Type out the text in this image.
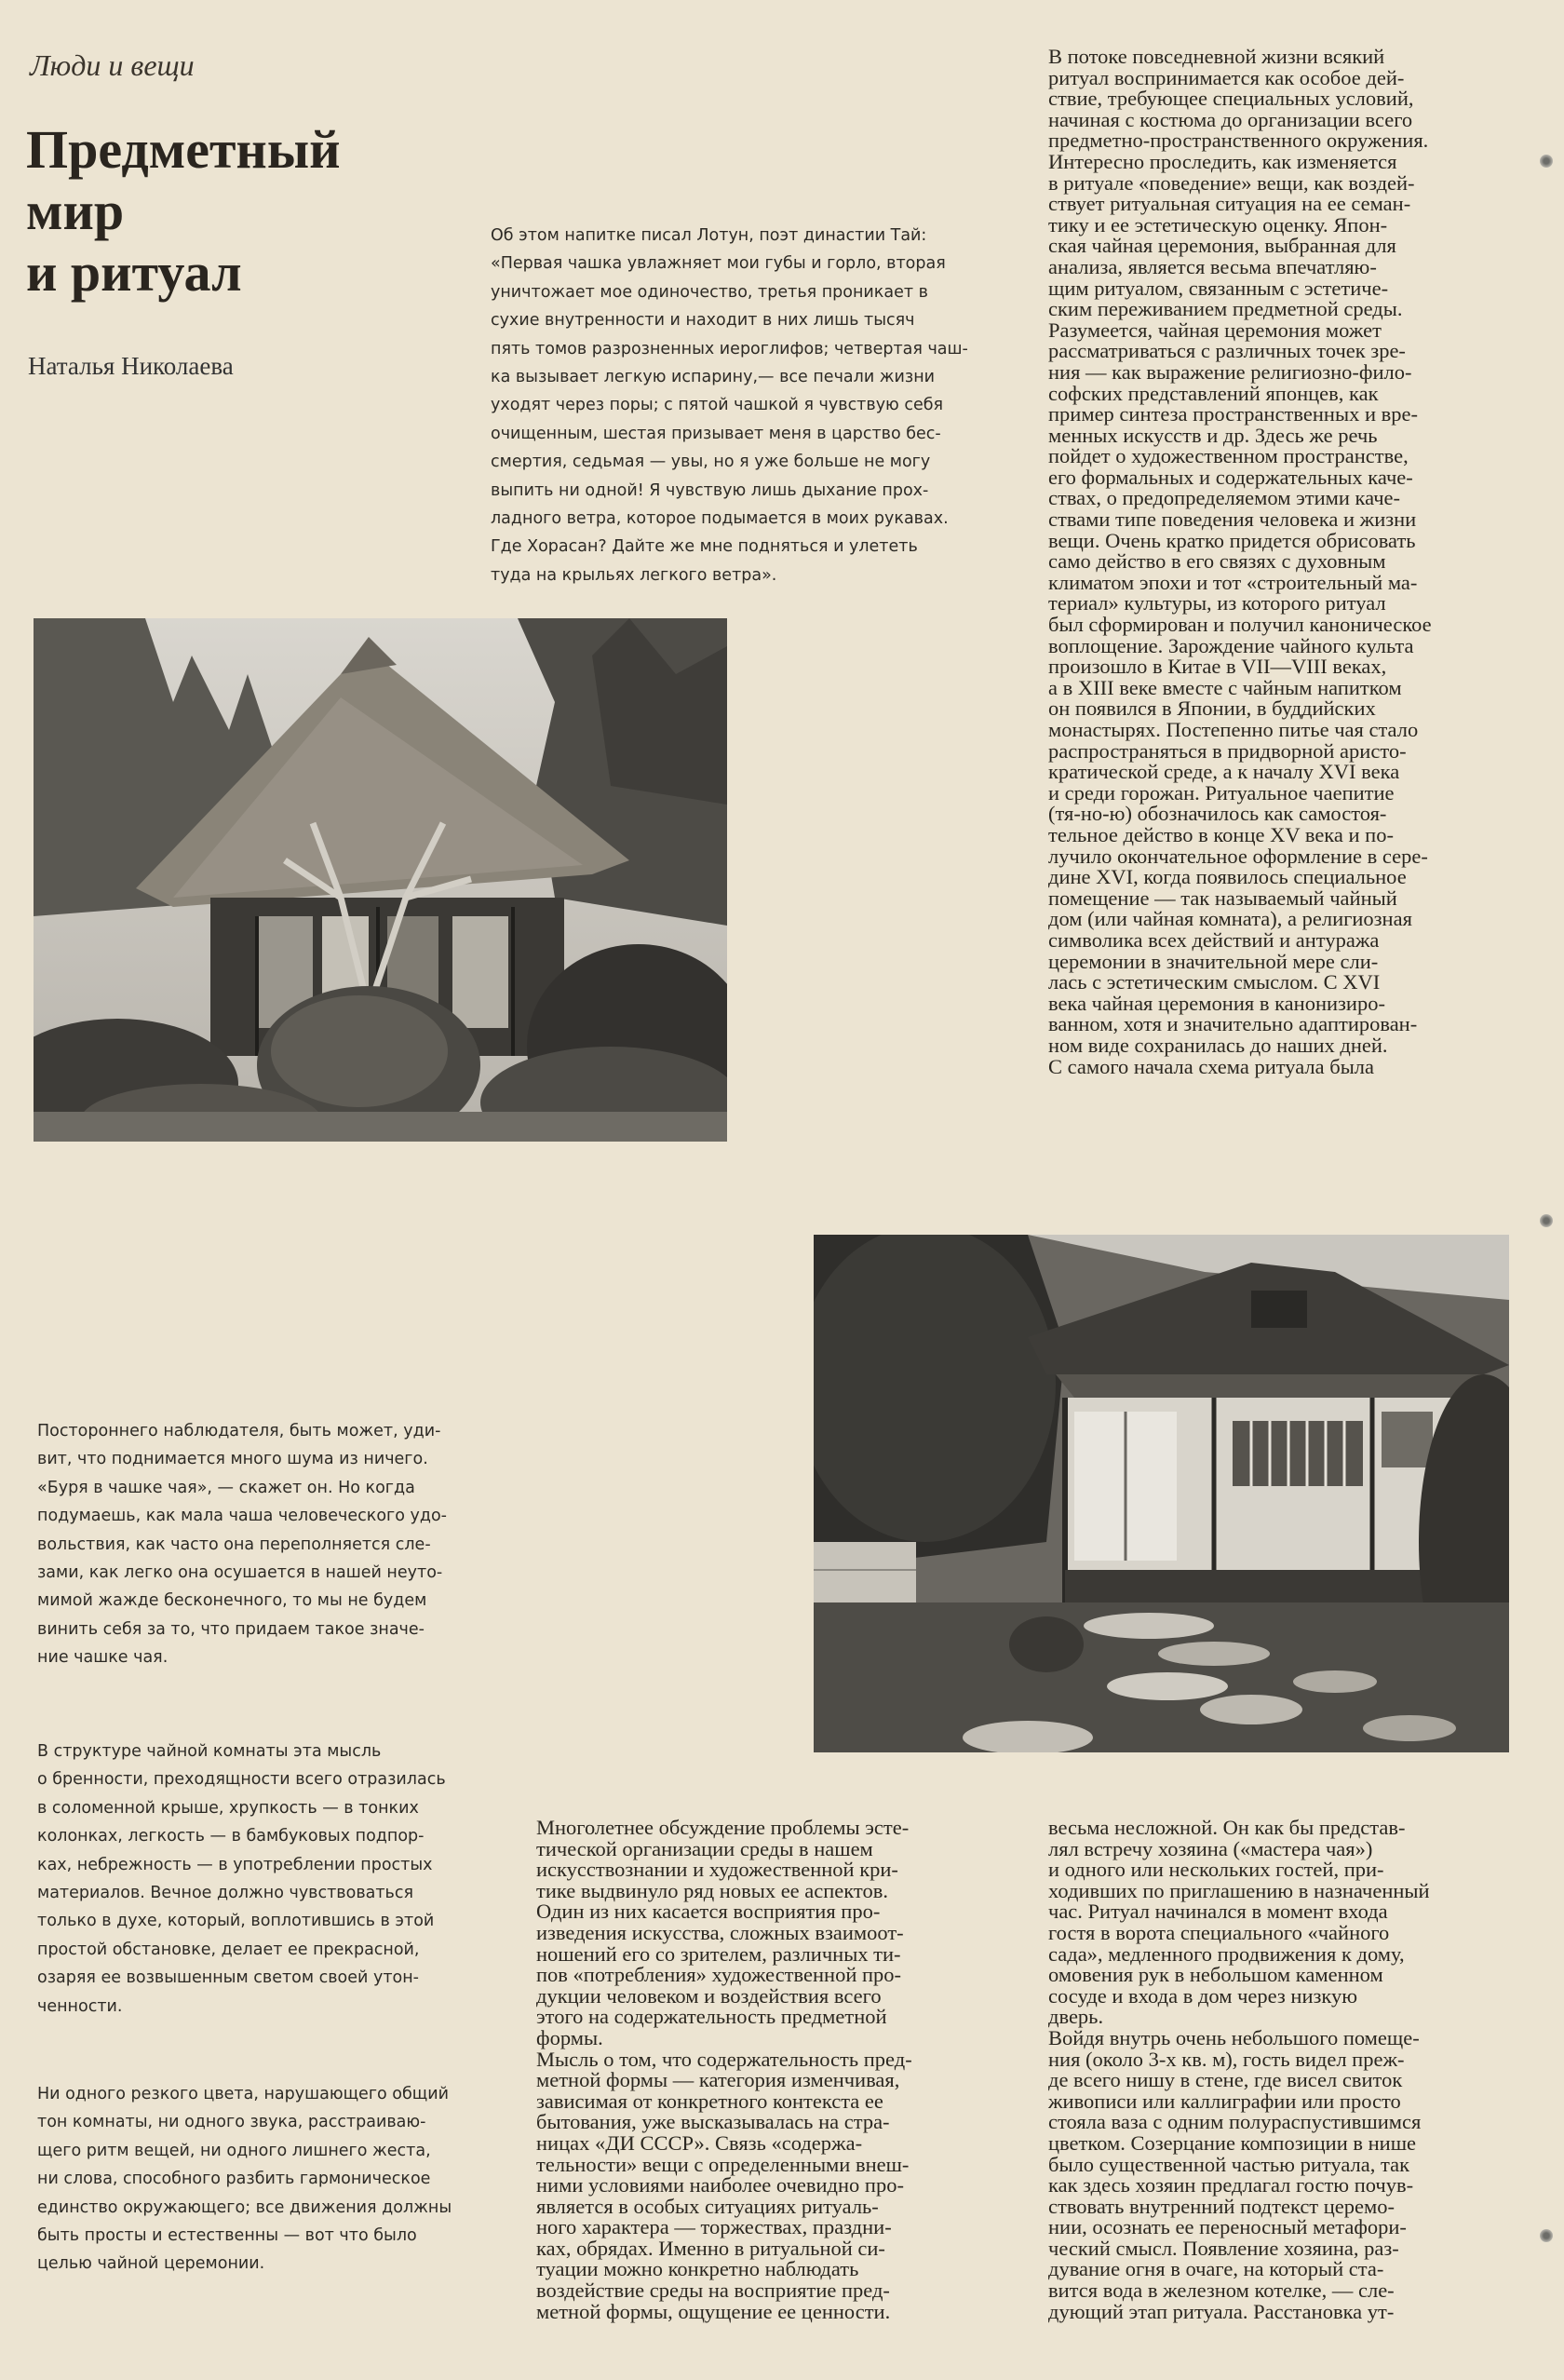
Люди и вещи
Предметный
мир
и ритуал
Наталья Николаева
Об этом напитке писал Лотун, поэт династии Тай:
«Первая чашка увлажняет мои губы и горло, вторая
уничтожает мое одиночество, третья проникает в
сухие внутренности и находит в них лишь тысяч
пять томов разрозненных иероглифов; четвертая чаш-
ка вызывает легкую испарину,— все печали жизни
уходят через поры; с пятой чашкой я чувствую себя
очищенным, шестая призывает меня в царство бес-
смертия, седьмая — увы, но я уже больше не могу
выпить ни одной! Я чувствую лишь дыхание прох-
ладного ветра, которое подымается в моих рукавах.
Где Хорасан? Дайте же мне подняться и улететь
туда на крыльях легкого ветра».
В потоке повседневной жизни всякий
ритуал воспринимается как особое дей-
ствие, требующее специальных условий,
начиная с костюма до организации всего
предметно-пространственного окружения.
Интересно проследить, как изменяется
в ритуале «поведение» вещи, как воздей-
ствует ритуальная ситуация на ее семан-
тику и ее эстетическую оценку. Япон-
ская чайная церемония, выбранная для
анализа, является весьма впечатляю-
щим ритуалом, связанным с эстетиче-
ским переживанием предметной среды.
Разумеется, чайная церемония может
рассматриваться с различных точек зре-
ния — как выражение религиозно-фило-
софских представлений японцев, как
пример синтеза пространственных и вре-
менных искусств и др. Здесь же речь
пойдет о художественном пространстве,
его формальных и содержательных каче-
ствах, о предопределяемом этими каче-
ствами типе поведения человека и жизни
вещи. Очень кратко придется обрисовать
само действо в его связях с духовным
климатом эпохи и тот «строительный ма-
териал» культуры, из которого ритуал
был сформирован и получил каноническое
воплощение. Зарождение чайного культа
произошло в Китае в VII—VIII веках,
а в XIII веке вместе с чайным напитком
он появился в Японии, в буддийских
монастырях. Постепенно питье чая стало
распространяться в придворной аристо-
кратической среде, а к началу XVI века
и среди горожан. Ритуальное чаепитие
(тя-но-ю) обозначилось как самостоя-
тельное действо в конце XV века и по-
лучило окончательное оформление в сере-
дине XVI, когда появилось специальное
помещение — так называемый чайный
дом (или чайная комната), а религиозная
символика всех действий и антуража
церемонии в значительной мере сли-
лась с эстетическим смыслом. С XVI
века чайная церемония в канонизиро-
ванном, хотя и значительно адаптирован-
ном виде сохранилась до наших дней.
С самого начала схема ритуала была
Постороннего наблюдателя, быть может, уди-
вит, что поднимается много шума из ничего.
«Буря в чашке чая», — скажет он. Но когда
подумаешь, как мала чаша человеческого удо-
вольствия, как часто она переполняется сле-
зами, как легко она осушается в нашей неуто-
мимой жажде бесконечного, то мы не будем
винить себя за то, что придаем такое значе-
ние чашке чая.
В структуре чайной комнаты эта мысль
о бренности, преходящности всего отразилась
в соломенной крыше, хрупкость — в тонких
колонках, легкость — в бамбуковых подпор-
ках, небрежность — в употреблении простых
материалов. Вечное должно чувствоваться
только в духе, который, воплотившись в этой
простой обстановке, делает ее прекрасной,
озаряя ее возвышенным светом своей утон-
ченности.
Ни одного резкого цвета, нарушающего общий
тон комнаты, ни одного звука, расстраиваю-
щего ритм вещей, ни одного лишнего жеста,
ни слова, способного разбить гармоническое
единство окружающего; все движения должны
быть просты и естественны — вот что было
целью чайной церемонии.
Многолетнее обсуждение проблемы эсте-
тической организации среды в нашем
искусствознании и художественной кри-
тике выдвинуло ряд новых ее аспектов.
Один из них касается восприятия про-
изведения искусства, сложных взаимоот-
ношений его со зрителем, различных ти-
пов «потребления» художественной про-
дукции человеком и воздействия всего
этого на содержательность предметной
формы.
Мысль о том, что содержательность пред-
метной формы — категория изменчивая,
зависимая от конкретного контекста ее
бытования, уже высказывалась на стра-
ницах «ДИ СССР». Связь «содержа-
тельности» вещи с определенными внеш-
ними условиями наиболее очевидно про-
является в особых ситуациях ритуаль-
ного характера — торжествах, праздни-
ках, обрядах. Именно в ритуальной си-
туации можно конкретно наблюдать
воздействие среды на восприятие пред-
метной формы, ощущение ее ценности.
весьма несложной. Он как бы представ-
лял встречу хозяина («мастера чая»)
и одного или нескольких гостей, при-
ходивших по приглашению в назначенный
час. Ритуал начинался в момент входа
гостя в ворота специального «чайного
сада», медленного продвижения к дому,
омовения рук в небольшом каменном
сосуде и входа в дом через низкую
дверь.
Войдя внутрь очень небольшого помеще-
ния (около 3-х кв. м), гость видел преж-
де всего нишу в стене, где висел свиток
живописи или каллиграфии или просто
стояла ваза с одним полураспустившимся
цветком. Созерцание композиции в нише
было существенной частью ритуала, так
как здесь хозяин предлагал гостю почув-
ствовать внутренний подтекст церемо-
нии, осознать ее переносный метафори-
ческий смысл. Появление хозяина, раз-
дувание огня в очаге, на который ста-
вится вода в железном котелке, — сле-
дующий этап ритуала. Расстановка ут-
